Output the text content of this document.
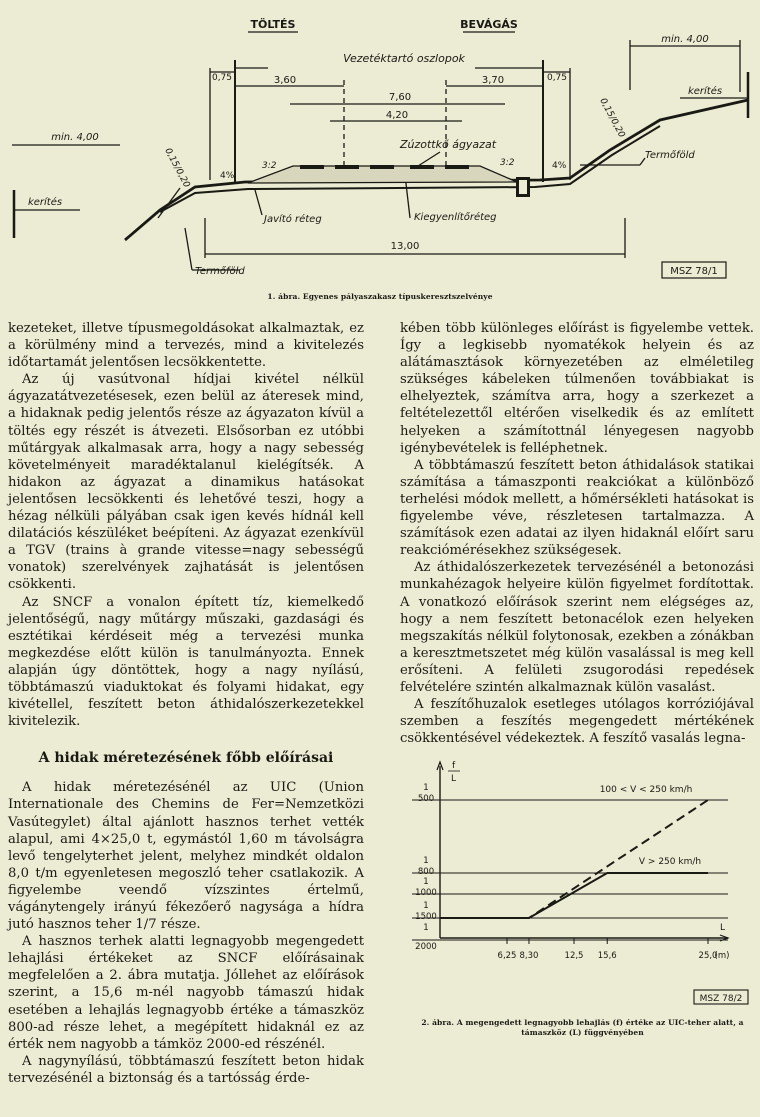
TÖLTÉS	BEVÁGÁS
Vezetéktartó oszlopok
0,75	3,60	3,70	0,75
7,60
4,20
Zúzottkő ágyazat
min. 4,00
min. 4,00
kerítés
kerítés
0,15/0,20
0,15/0,20	3:2	3:2
4%
4%
Termőföld
Termőföld
Javító réteg	Kiegyenlítőréteg
13,00
MSZ 78/1
1. ábra. Egyenes pályaszakasz típuskeresztszelvénye

kezeteket, illetve típusmegoldásokat alkalmaztak, ez a körülmény mind a tervezés, mind a kivitelezés időtartamát jelentősen lecsökkentette.

Az új vasútvonal hídjai kivétel nélkül ágyazatátvezetésesek, ezen belül az áteresek mind, a hidaknak pedig jelentős része az ágyazaton kívül a töltés egy részét is átvezeti. Elsősorban ez utóbbi műtárgyak alkalmasak arra, hogy a nagy sebesség követelményeit maradéktalanul kielégítsék. A hidakon az ágyazat a dinamikus hatásokat jelentősen lecsökkenti és lehetővé teszi, hogy a hézag nélküli pályában csak igen kevés hídnál kell dilatációs készüléket beépíteni. Az ágyazat ezenkívül a TGV (trains à grande vitesse=nagy sebességű vonatok) szerelvények zajhatását is jelentősen csökkenti.

Az SNCF a vonalon épített tíz, kiemelkedő jelentőségű, nagy műtárgy műszaki, gazdasági és esztétikai kérdéseit még a tervezési munka megkezdése előtt külön is tanulmányozta. Ennek alapján úgy döntöttek, hogy a nagy nyílású, többtámaszú viaduktokat és folyami hidakat, egy kivétellel, feszített beton áthidalószerkezetekkel kivitelezik.

A hidak méretezésének főbb előírásai

A hidak méretezésénél az UIC (Union Internationale des Chemins de Fer=Nemzetközi Vasútegylet) által ajánlott hasznos terhet vették alapul, ami 4×25,0 t, egymástól 1,60 m távolságra levő tengelyterhet jelent, melyhez mindkét oldalon 8,0 t/m egyenletesen megoszló teher csatlakozik. A figyelembe veendő vízszintes értelmű, vágánytengely irányú fékezőerő nagysága a hídra jutó hasznos teher 1/7 része.

A hasznos terhek alatti legnagyobb megengedett lehajlási értékeket az SNCF előírásainak megfelelően a 2. ábra mutatja. Jóllehet az előírások szerint, a 15,6 m-nél nagyobb támaszú hidak esetében a lehajlás legnagyobb értéke a támaszköz 800-ad része lehet, a megépített hidaknál ez az érték nem nagyobb a támköz 2000-ed részénél.

A nagynyílású, többtámaszú feszített beton hidak tervezésénél a biztonság és a tartósság érde-

kében több különleges előírást is figyelembe vettek. Így a legkisebb nyomatékok helyein és az alátámasztások környezetében az elméletileg szükséges kábeleken túlmenően továbbiakat is elhelyeztek, számítva arra, hogy a szerkezet a feltételezettől eltérően viselkedik és az említett helyeken a számítottnál lényegesen nagyobb igénybevételek is felléphetnek.

A többtámaszú feszített beton áthidalások statikai számítása a támaszponti reakciókat a különböző terhelési módok mellett, a hőmérsékleti hatásokat is figyelembe véve, részletesen tartalmazza. A számítások ezen adatai az ilyen hidaknál előírt saru reakciómérésekhez szükségesek.

Az áthidalószerkezetek tervezésénél a betonozási munkahézagok helyeire külön figyelmet fordítottak. A vonatkozó előírások szerint nem elégséges az, hogy a nem feszített betonacélok ezen helyeken megszakítás nélkül folytonosak, ezekben a zónákban a keresztmetszetet még külön vasalással is meg kell erősíteni. A felületi zsugorodási repedések felvételére szintén alkalmaznak külön vasalást.

A feszítőhuzalok esetleges utólagos korróziójával szemben a feszítés megengedett mértékének csökkentésével védekeztek. A feszítő vasalás legna-

f
L
1
500
1
800
1
1000
1
1500
1
2000
6,25 8,30	12,5 15,6	25,0
(m)
L
100 < V < 250 km/h
V > 250 km/h
MSZ 78/2
2. ábra. A megengedett legnagyobb lehajlás (f) értéke az UIC-teher alatt, a támaszköz (L) függvényében
